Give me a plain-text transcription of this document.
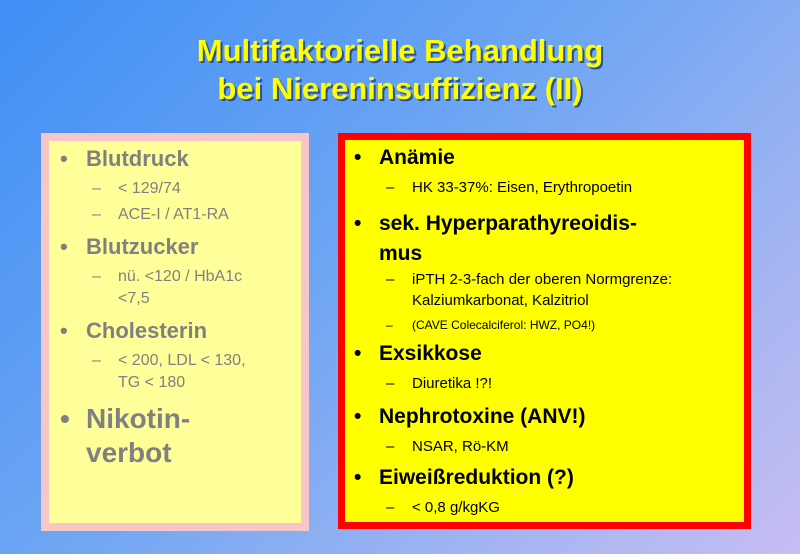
Multifaktorielle Behandlung
bei Niereninsuffizienz (II)
• Blutdruck
– < 129/74
– ACE-I / AT1-RA
• Blutzucker
– nü. <120 / HbA1c
<7,5
• Cholesterin
– < 200, LDL < 130,
TG < 180
• Nikotin-
verbot
• Anämie
– HK 33-37%: Eisen, Erythropoetin
• sek. Hyperparathyreoidis-
mus
– iPTH 2-3-fach der oberen Normgrenze:
Kalziumkarbonat, Kalzitriol
– (CAVE Colecalciferol: HWZ, PO4!)
• Exsikkose
– Diuretika !?!
• Nephrotoxine (ANV!)
– NSAR, Rö-KM
• Eiweißreduktion (?)
– < 0,8 g/kgKG
